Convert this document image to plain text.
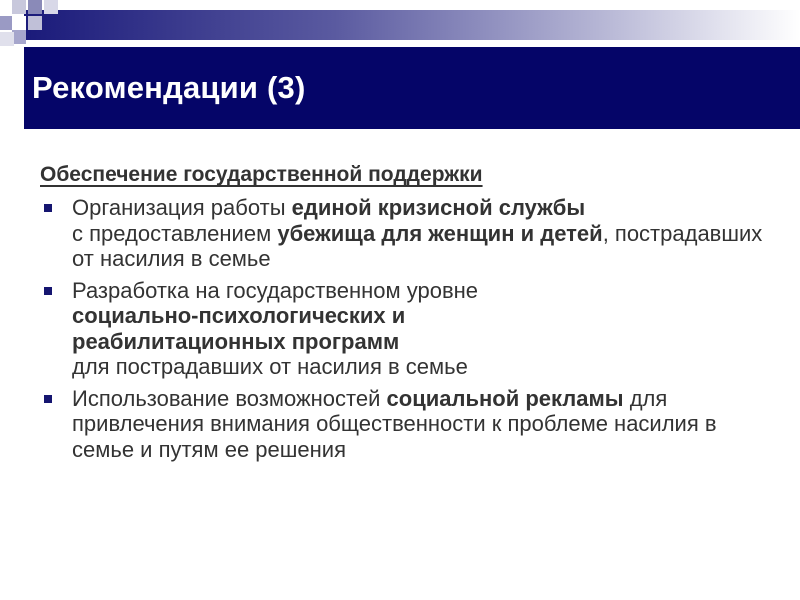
Рекомендации (3)
Обеспечение государственной поддержки
Организация работы единой кризисной службы
с предоставлением убежища для женщин и детей, пострадавших от насилия в семье
Разработка на государственном уровне
социально-психологических и
реабилитационных программ
для пострадавших от насилия в семье
Использование возможностей социальной рекламы для привлечения внимания общественности к проблеме насилия в семье и путям ее решения
